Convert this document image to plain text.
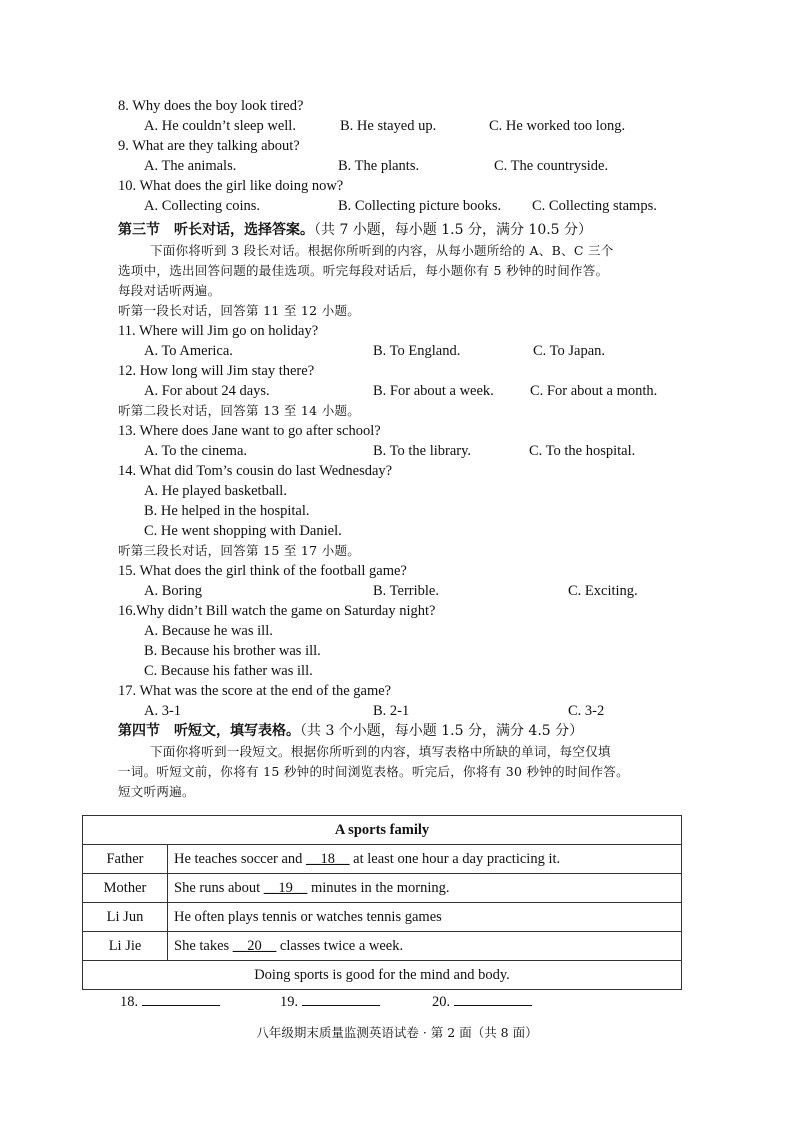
8. Why does the boy look tired?
A. He couldn’t sleep well.	B. He stayed up.	C. He worked too long.
9. What are they talking about?
A. The animals.	B. The plants.	C. The countryside.
10. What does the girl like doing now?
A. Collecting coins.	B. Collecting picture books. C. Collecting stamps.
第三节　听长对话，选择答案。（共 7 小题，每小题 1.5 分，满分 10.5 分）
下面你将听到 3 段长对话。根据你所听到的内容，从每小题所给的 A、B、C 三个
选项中，选出回答问题的最佳选项。听完每段对话后，每小题你有 5 秒钟的时间作答。
每段对话听两遍。
听第一段长对话，回答第 11 至 12 小题。
11. Where will Jim go on holiday?
A. To America.	B. To England.	C. To Japan.
12. How long will Jim stay there?
A. For about 24 days.	B. For about a week. C. For about a month.
听第二段长对话，回答第 13 至 14 小题。
13. Where does Jane want to go after school?
A. To the cinema.	B. To the library.	C. To the hospital.
14. What did Tom’s cousin do last Wednesday?
A. He played basketball.
B. He helped in the hospital.
C. He went shopping with Daniel.
听第三段长对话，回答第 15 至 17 小题。
15. What does the girl think of the football game?
A. Boring	B. Terrible.	C. Exciting.
16.Why didn’t Bill watch the game on Saturday night?
A. Because he was ill.
B. Because his brother was ill.
C. Because his father was ill.
17. What was the score at the end of the game?
A. 3-1	B. 2-1	C. 3-2
第四节　听短文，填写表格。（共 3 个小题，每小题 1.5 分，满分 4.5 分）
下面你将听到一段短文。根据你所听到的内容，填写表格中所缺的单词，每空仅填
一词。听短文前，你将有 15 秒钟的时间浏览表格。听完后，你将有 30 秒钟的时间作答。
短文听两遍。
A sports family	
Father	He teaches soccer and __18__ at least one hour a day practicing it.
Mother	She runs about __19__ minutes in the morning.
Li Jun	He often plays tennis or watches tennis games
Li Jie	She takes __20__ classes twice a week.
Doing sports is good for the mind and body.	
18.	19.	20.
八年级期末质量监测英语试卷 · 第 2 面（共 8 面）
